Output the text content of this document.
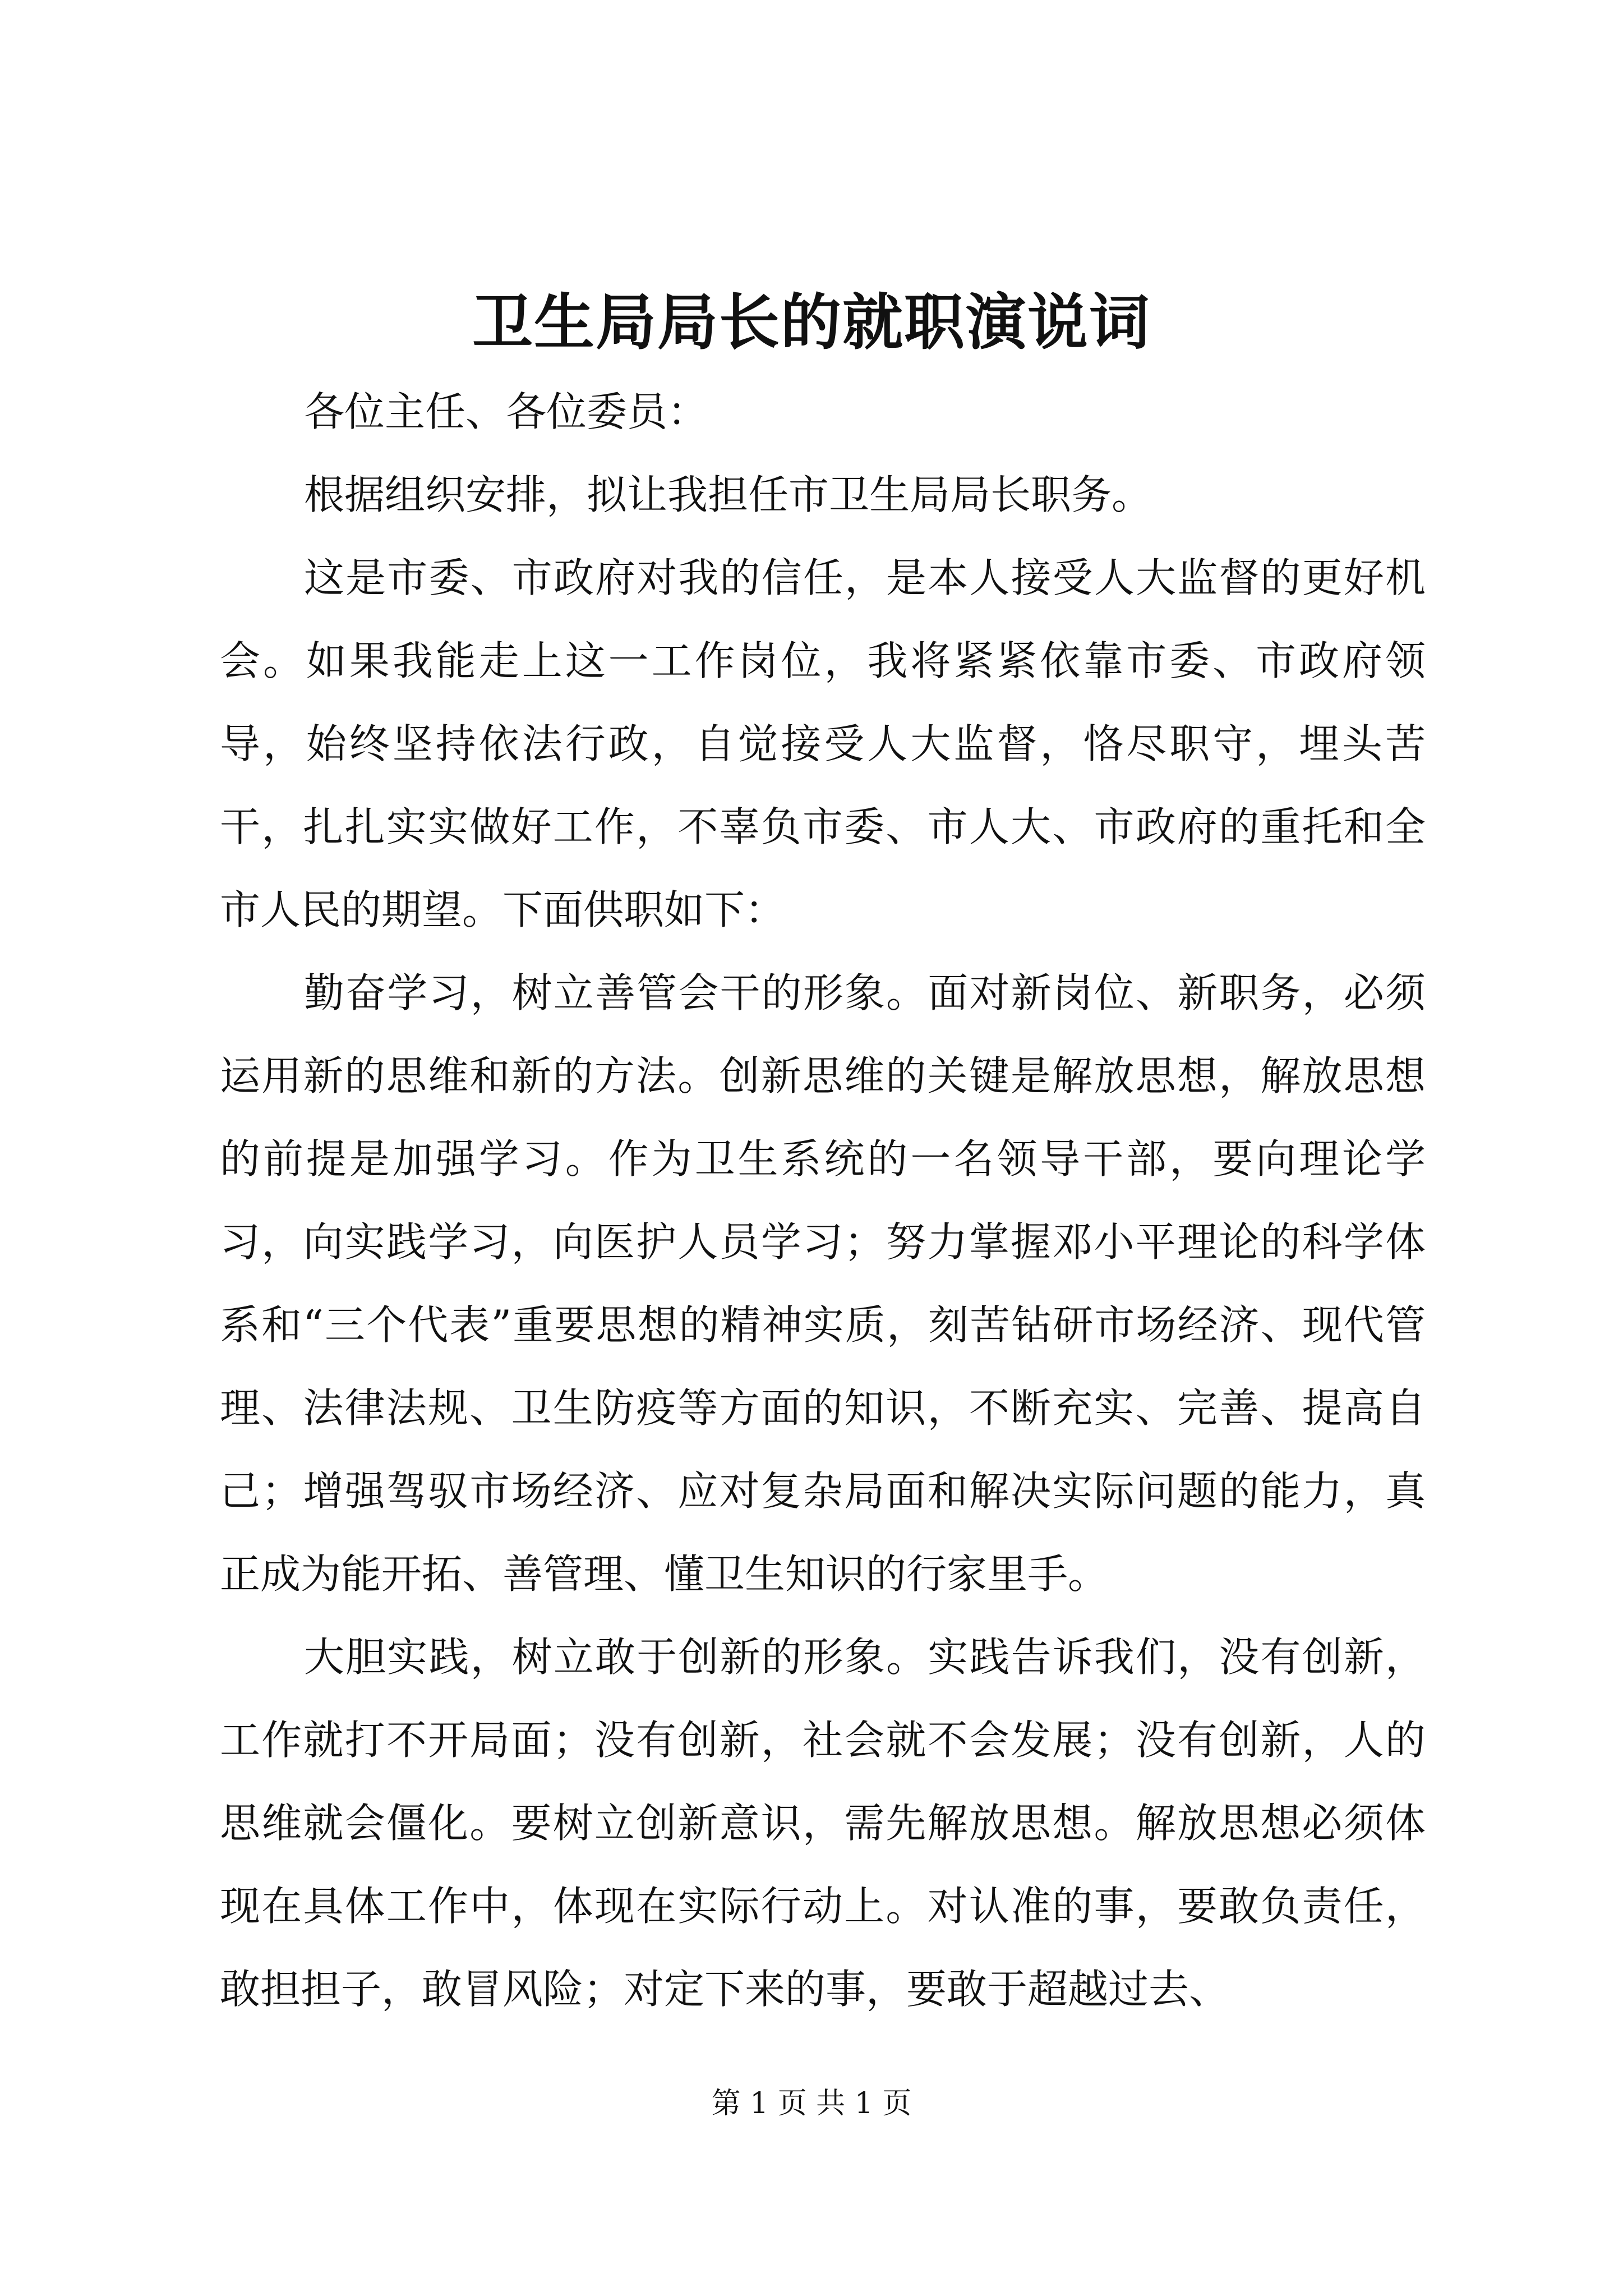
卫生局局长的就职演说词

各位主任、各位委员：

根据组织安排，拟让我担任市卫生局局长职务。

这是市委、市政府对我的信任，是本人接受人大监督的更好机会。如果我能走上这一工作岗位，我将紧紧依靠市委、市政府领导，始终坚持依法行政，自觉接受人大监督，恪尽职守，埋头苦干，扎扎实实做好工作，不辜负市委、市人大、市政府的重托和全市人民的期望。下面供职如下：

勤奋学习，树立善管会干的形象。面对新岗位、新职务，必须运用新的思维和新的方法。创新思维的关键是解放思想，解放思想的前提是加强学习。作为卫生系统的一名领导干部，要向理论学习，向实践学习，向医护人员学习；努力掌握邓小平理论的科学体系和“三个代表”重要思想的精神实质，刻苦钻研市场经济、现代管理、法律法规、卫生防疫等方面的知识，不断充实、完善、提高自己；增强驾驭市场经济、应对复杂局面和解决实际问题的能力，真正成为能开拓、善管理、懂卫生知识的行家里手。

大胆实践，树立敢于创新的形象。实践告诉我们，没有创新，工作就打不开局面；没有创新，社会就不会发展；没有创新，人的思维就会僵化。要树立创新意识，需先解放思想。解放思想必须体现在具体工作中，体现在实际行动上。对认准的事，要敢负责任，敢担担子，敢冒风险；对定下来的事，要敢于超越过去、

第 1 页 共 1 页
